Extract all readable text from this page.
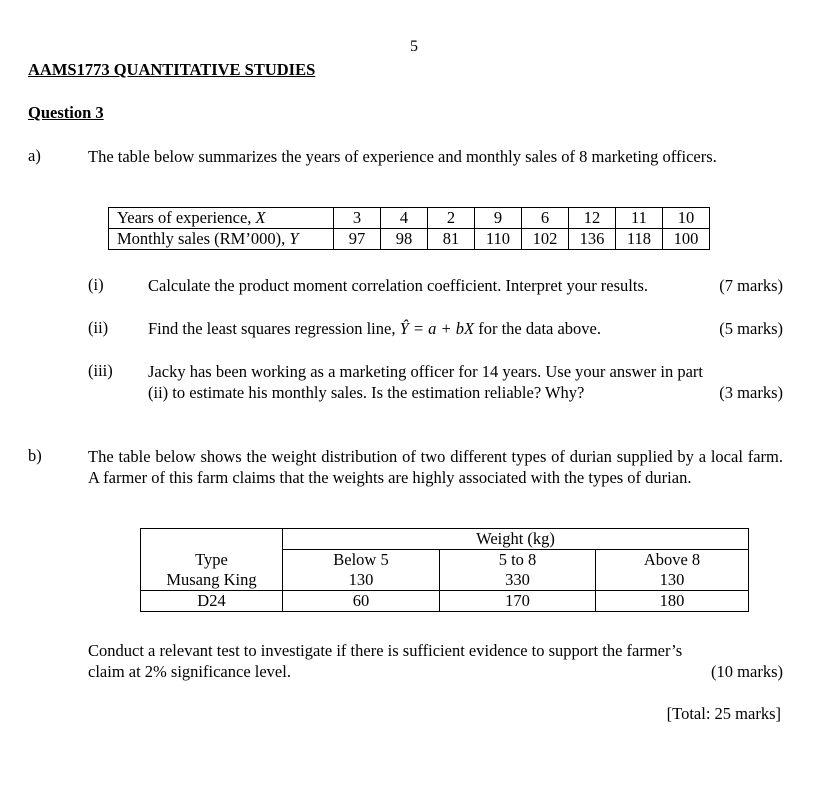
5
AAMS1773 QUANTITATIVE STUDIES
Question 3
a)	The table below summarizes the years of experience and monthly sales of 8 marketing officers.
Years of experience, X	3	4	2	9	6	12	11	10
Monthly sales (RM’000), Y	97	98	81	110	102	136	118	100
(i)	Calculate the product moment correlation coefficient. Interpret your results.	(7 marks)
(ii) Find the least squares regression line, Ŷ = a + bX for the data above.	(5 marks)
(iii) Jacky has been working as a marketing officer for 14 years. Use your answer in part
(ii) to estimate his monthly sales. Is the estimation reliable? Why?	(3 marks)
b)	The table below shows the weight distribution of two different types of durian supplied by a local farm. A farmer of this farm claims that the weights are highly associated with the types of durian.
	Weight (kg)		
Type	Below 5	5 to 8	Above 8
Musang King	130	330	130
D24	60	170	180
Conduct a relevant test to investigate if there is sufficient evidence to support the farmer’s
claim at 2% significance level.	(10 marks)
[Total: 25 marks]
